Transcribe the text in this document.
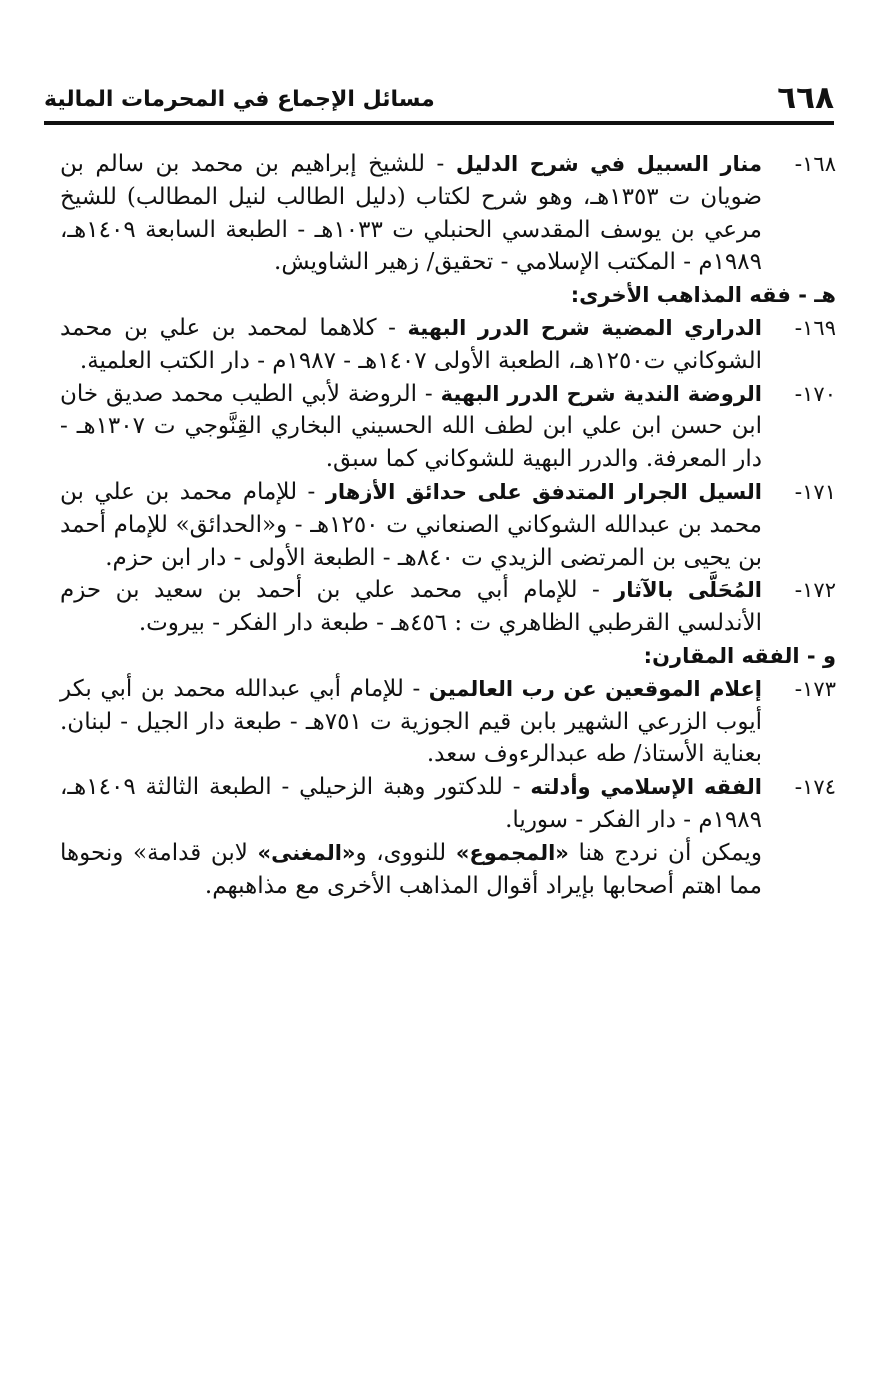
٦٦٨
مسائل الإجماع في المحرمات المالية
١٦٨-
منار السبيل في شرح الدليل - للشيخ إبراهيم بن محمد بن سالم بن ضويان ت ١٣٥٣هـ، وهو شرح لكتاب (دليل الطالب لنيل المطالب) للشيخ مرعي بن يوسف المقدسي الحنبلي ت ١٠٣٣هـ - الطبعة السابعة ١٤٠٩هـ، ١٩٨٩م - المكتب الإسلامي - تحقيق/ زهير الشاويش.
هـ - فقه المذاهب الأخرى:
١٦٩-
الدراري المضية شرح الدرر البهية - كلاهما لمحمد بن علي بن محمد الشوكاني ت١٢٥٠هـ، الطعبة الأولى ١٤٠٧هـ - ١٩٨٧م - دار الكتب العلمية.
١٧٠-
الروضة الندية شرح الدرر البهية - الروضة لأبي الطيب محمد صديق خان ابن حسن ابن علي ابن لطف الله الحسيني البخاري القِنَّوجي ت ١٣٠٧هـ - دار المعرفة. والدرر البهية للشوكاني كما سبق.
١٧١-
السيل الجرار المتدفق على حدائق الأزهار - للإمام محمد بن علي بن محمد بن عبدالله الشوكاني الصنعاني ت ١٢٥٠هـ - و«الحدائق» للإمام أحمد بن يحيى بن المرتضى الزيدي ت ٨٤٠هـ - الطبعة الأولى - دار ابن حزم.
١٧٢-
المُحَلَّى بالآثار - للإمام أبي محمد علي بن أحمد بن سعيد بن حزم الأندلسي القرطبي الظاهري ت : ٤٥٦هـ - طبعة دار الفكر - بيروت.
و - الفقه المقارن:
١٧٣-
إعلام الموقعين عن رب العالمين - للإمام أبي عبدالله محمد بن أبي بكر أيوب الزرعي الشهير بابن قيم الجوزية ت ٧٥١هـ - طبعة دار الجيل - لبنان. بعناية الأستاذ/ طه عبدالرءوف سعد.
١٧٤-
الفقه الإسلامي وأدلته - للدكتور وهبة الزحيلي - الطبعة الثالثة ١٤٠٩هـ، ١٩٨٩م - دار الفكر - سوريا.
ويمكن أن نردج هنا «المجموع» للنووى، و«المغنى» لابن قدامة» ونحوها مما اهتم أصحابها بإيراد أقوال المذاهب الأخرى مع مذاهبهم.
